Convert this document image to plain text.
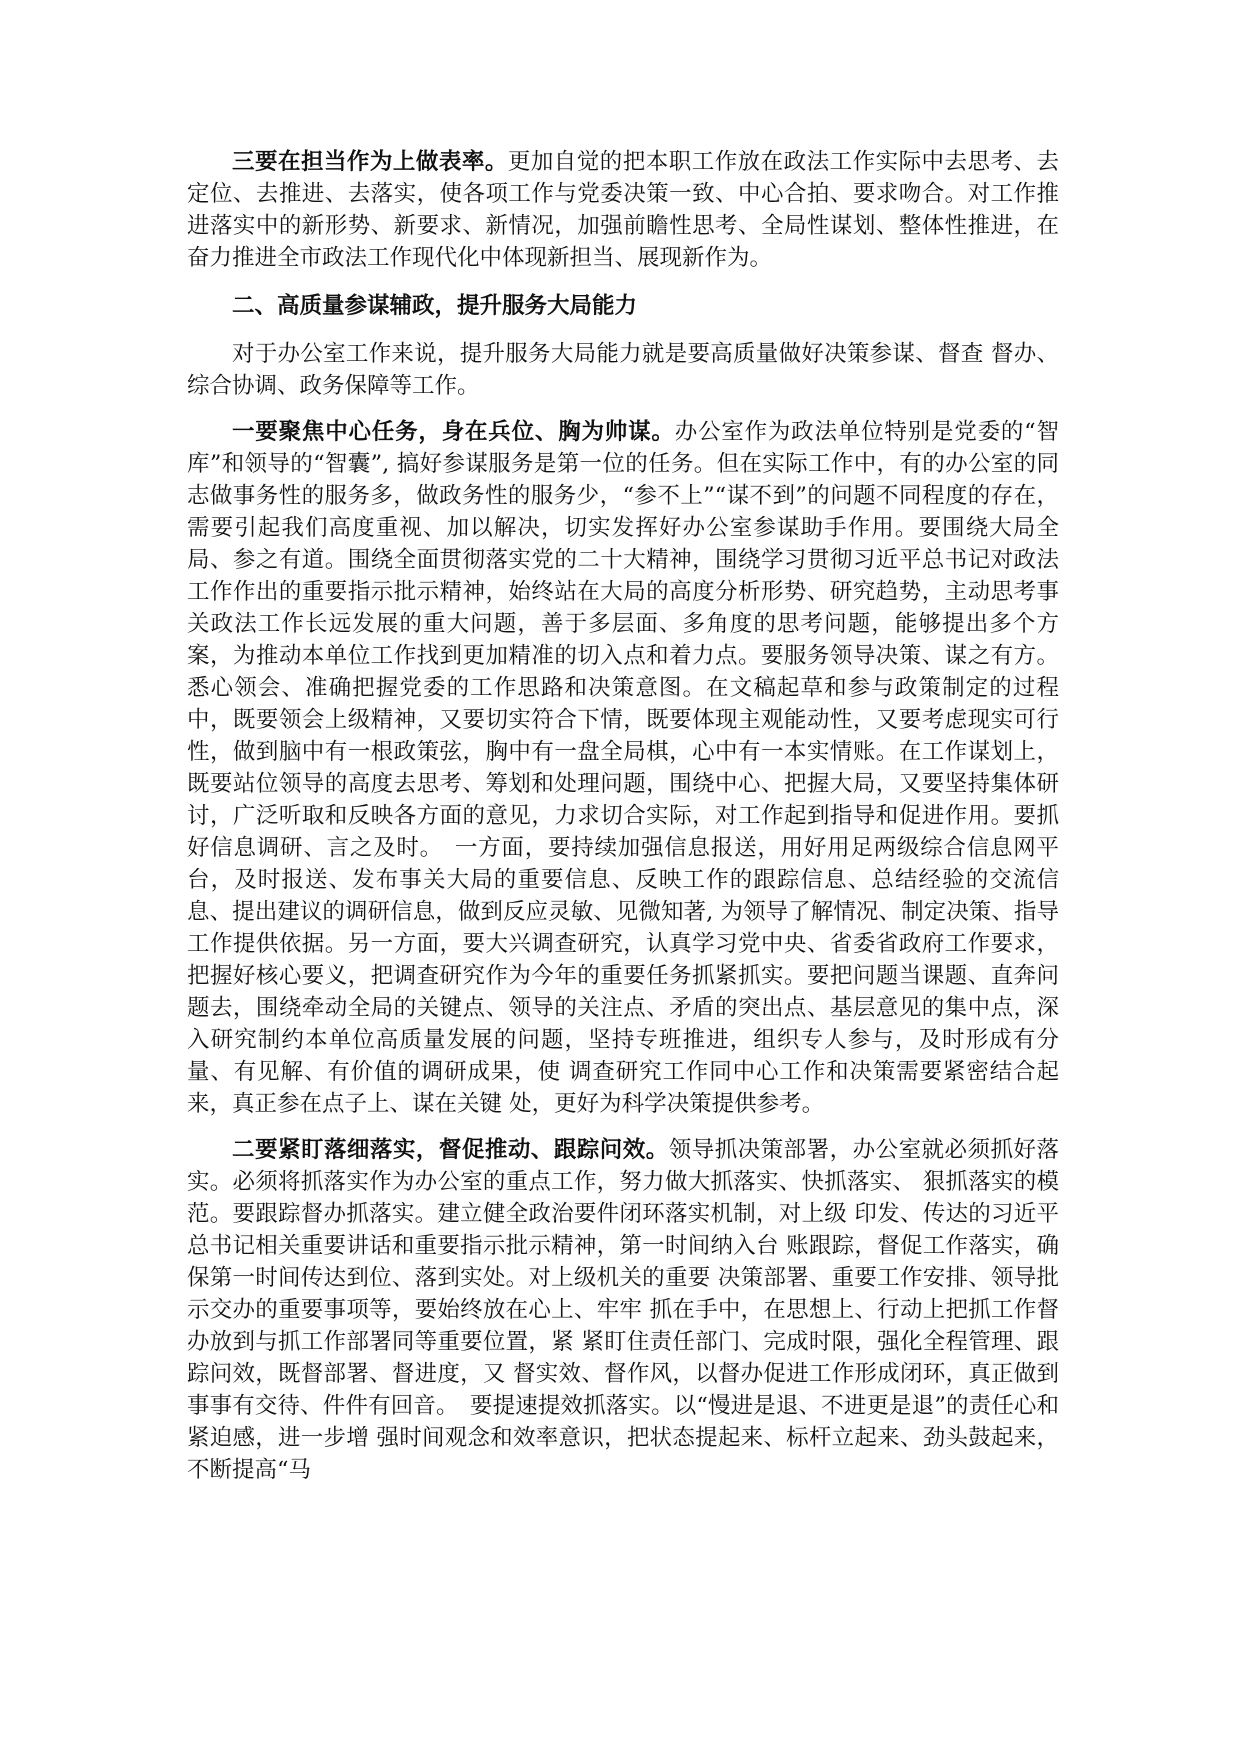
三要在担当作为上做表率。更加自觉的把本职工作放在政法工作实际中去思考、去定位、去推进、去落实，使各项工作与党委决策一致、中心合拍、要求吻合。对工作推进落实中的新形势、新要求、新情况，加强前瞻性思考、全局性谋划、整体性推进，在奋力推进全市政法工作现代化中体现新担当、展现新作为。

二、高质量参谋辅政，提升服务大局能力

对于办公室工作来说，提升服务大局能力就是要高质量做好决策参谋、督查 督办、综合协调、政务保障等工作。

一要聚焦中心任务，身在兵位、胸为帅谋。办公室作为政法单位特别是党委的“智库”和领导的“智囊”, 搞好参谋服务是第一位的任务。但在实际工作中，有的办公室的同志做事务性的服务多，做政务性的服务少，“参不上”“谋不到”的问题不同程度的存在，需要引起我们高度重视、加以解决，切实发挥好办公室参谋助手作用。要围绕大局全局、参之有道。围绕全面贯彻落实党的二十大精神，围绕学习贯彻习近平总书记对政法工作作出的重要指示批示精神，始终站在大局的高度分析形势、研究趋势，主动思考事关政法工作长远发展的重大问题，善于多层面、多角度的思考问题，能够提出多个方案，为推动本单位工作找到更加精准的切入点和着力点。要服务领导决策、谋之有方。悉心领会、准确把握党委的工作思路和决策意图。在文稿起草和参与政策制定的过程中，既要领会上级精神，又要切实符合下情，既要体现主观能动性，又要考虑现实可行性，做到脑中有一根政策弦，胸中有一盘全局棋，心中有一本实情账。在工作谋划上，既要站位领导的高度去思考、筹划和处理问题，围绕中心、把握大局，又要坚持集体研讨，广泛听取和反映各方面的意见，力求切合实际，对工作起到指导和促进作用。要抓好信息调研、言之及时。　一方面，要持续加强信息报送，用好用足两级综合信息网平台，及时报送、发布事关大局的重要信息、反映工作的跟踪信息、总结经验的交流信息、提出建议的调研信息，做到反应灵敏、见微知著, 为领导了解情况、制定决策、指导工作提供依据。另一方面，要大兴调查研究，认真学习党中央、省委省政府工作要求，把握好核心要义，把调查研究作为今年的重要任务抓紧抓实。要把问题当课题、直奔问题去，围绕牵动全局的关键点、领导的关注点、矛盾的突出点、基层意见的集中点，深入研究制约本单位高质量发展的问题，坚持专班推进，组织专人参与，及时形成有分量、有见解、有价值的调研成果，使 调查研究工作同中心工作和决策需要紧密结合起来，真正参在点子上、谋在关键 处，更好为科学决策提供参考。

二要紧盯落细落实，督促推动、跟踪问效。领导抓决策部署，办公室就必须抓好落实。必须将抓落实作为办公室的重点工作，努力做大抓落实、快抓落实、 狠抓落实的模范。要跟踪督办抓落实。建立健全政治要件闭环落实机制，对上级 印发、传达的习近平总书记相关重要讲话和重要指示批示精神，第一时间纳入台 账跟踪，督促工作落实，确保第一时间传达到位、落到实处。对上级机关的重要 决策部署、重要工作安排、领导批示交办的重要事项等，要始终放在心上、牢牢 抓在手中，在思想上、行动上把抓工作督办放到与抓工作部署同等重要位置，紧 紧盯住责任部门、完成时限，强化全程管理、跟踪问效，既督部署、督进度，又 督实效、督作风，以督办促进工作形成闭环，真正做到事事有交待、件件有回音。　要提速提效抓落实。以“慢进是退、不进更是退”的责任心和紧迫感，进一步增 强时间观念和效率意识，把状态提起来、标杆立起来、劲头鼓起来，不断提高“马
